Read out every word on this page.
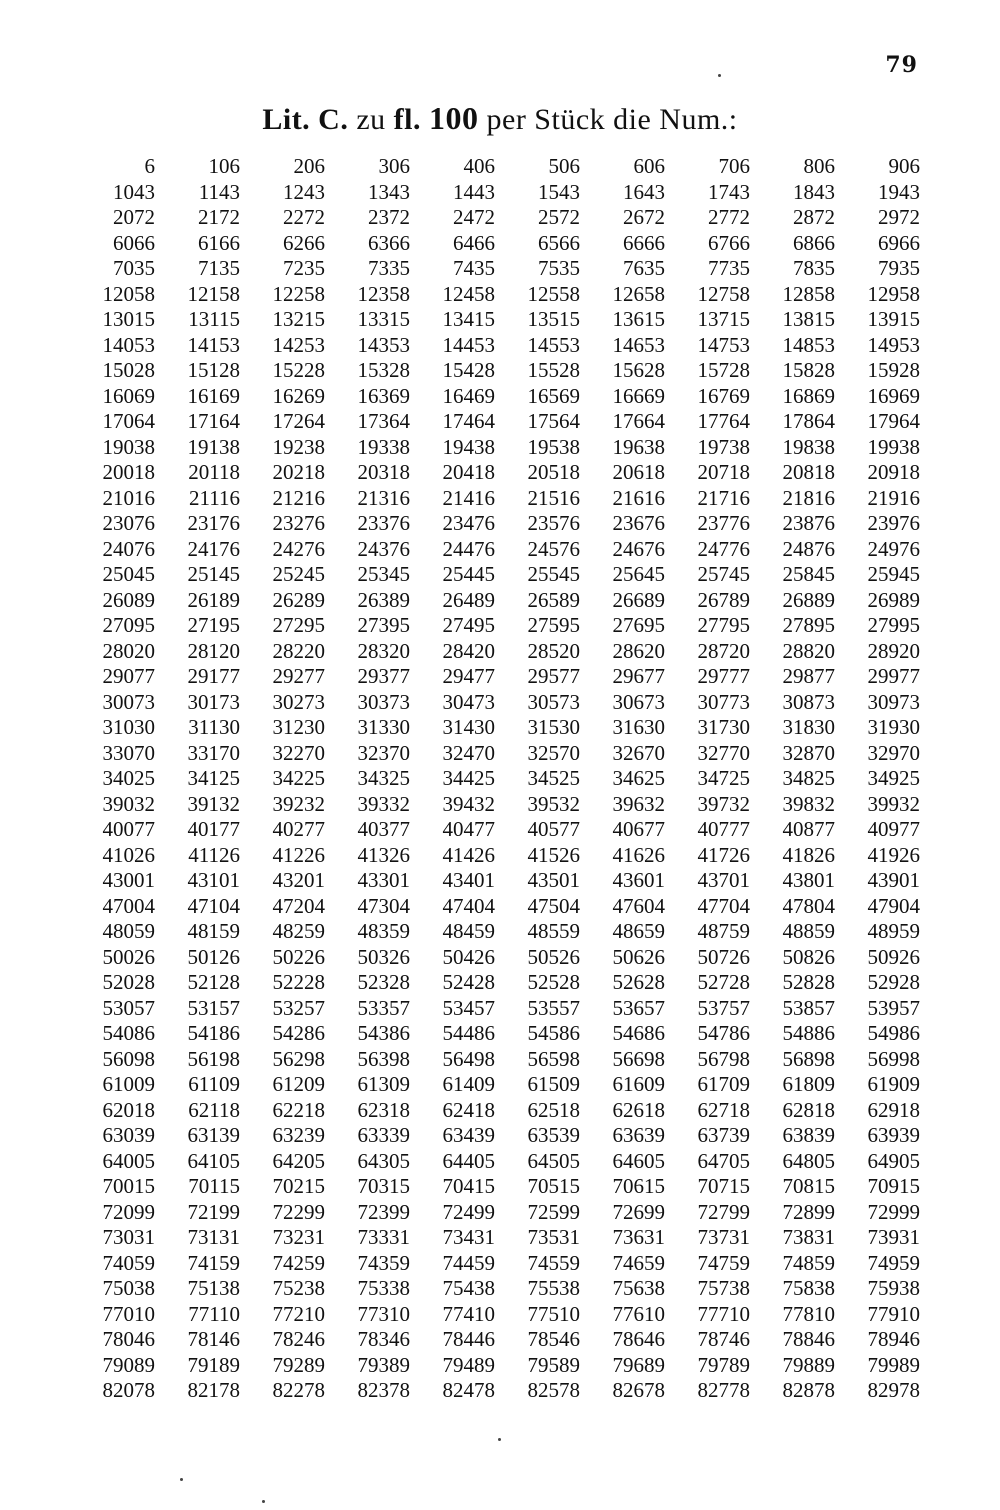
79
Lit. C. zu fl. 100 per Stück die Num.:
6	106	206	306	406	506	606	706	806	906
1043	1143	1243	1343	1443	1543	1643	1743	1843	1943
2072	2172	2272	2372	2472	2572	2672	2772	2872	2972
6066	6166	6266	6366	6466	6566	6666	6766	6866	6966
7035	7135	7235	7335	7435	7535	7635	7735	7835	7935
12058	12158	12258	12358	12458	12558	12658	12758	12858	12958
13015	13115	13215	13315	13415	13515	13615	13715	13815	13915
14053	14153	14253	14353	14453	14553	14653	14753	14853	14953
15028	15128	15228	15328	15428	15528	15628	15728	15828	15928
16069	16169	16269	16369	16469	16569	16669	16769	16869	16969
17064	17164	17264	17364	17464	17564	17664	17764	17864	17964
19038	19138	19238	19338	19438	19538	19638	19738	19838	19938
20018	20118	20218	20318	20418	20518	20618	20718	20818	20918
21016	21116	21216	21316	21416	21516	21616	21716	21816	21916
23076	23176	23276	23376	23476	23576	23676	23776	23876	23976
24076	24176	24276	24376	24476	24576	24676	24776	24876	24976
25045	25145	25245	25345	25445	25545	25645	25745	25845	25945
26089	26189	26289	26389	26489	26589	26689	26789	26889	26989
27095	27195	27295	27395	27495	27595	27695	27795	27895	27995
28020	28120	28220	28320	28420	28520	28620	28720	28820	28920
29077	29177	29277	29377	29477	29577	29677	29777	29877	29977
30073	30173	30273	30373	30473	30573	30673	30773	30873	30973
31030	31130	31230	31330	31430	31530	31630	31730	31830	31930
33070	33170	32270	32370	32470	32570	32670	32770	32870	32970
34025	34125	34225	34325	34425	34525	34625	34725	34825	34925
39032	39132	39232	39332	39432	39532	39632	39732	39832	39932
40077	40177	40277	40377	40477	40577	40677	40777	40877	40977
41026	41126	41226	41326	41426	41526	41626	41726	41826	41926
43001	43101	43201	43301	43401	43501	43601	43701	43801	43901
47004	47104	47204	47304	47404	47504	47604	47704	47804	47904
48059	48159	48259	48359	48459	48559	48659	48759	48859	48959
50026	50126	50226	50326	50426	50526	50626	50726	50826	50926
52028	52128	52228	52328	52428	52528	52628	52728	52828	52928
53057	53157	53257	53357	53457	53557	53657	53757	53857	53957
54086	54186	54286	54386	54486	54586	54686	54786	54886	54986
56098	56198	56298	56398	56498	56598	56698	56798	56898	56998
61009	61109	61209	61309	61409	61509	61609	61709	61809	61909
62018	62118	62218	62318	62418	62518	62618	62718	62818	62918
63039	63139	63239	63339	63439	63539	63639	63739	63839	63939
64005	64105	64205	64305	64405	64505	64605	64705	64805	64905
70015	70115	70215	70315	70415	70515	70615	70715	70815	70915
72099	72199	72299	72399	72499	72599	72699	72799	72899	72999
73031	73131	73231	73331	73431	73531	73631	73731	73831	73931
74059	74159	74259	74359	74459	74559	74659	74759	74859	74959
75038	75138	75238	75338	75438	75538	75638	75738	75838	75938
77010	77110	77210	77310	77410	77510	77610	77710	77810	77910
78046	78146	78246	78346	78446	78546	78646	78746	78846	78946
79089	79189	79289	79389	79489	79589	79689	79789	79889	79989
82078	82178	82278	82378	82478	82578	82678	82778	82878	82978
